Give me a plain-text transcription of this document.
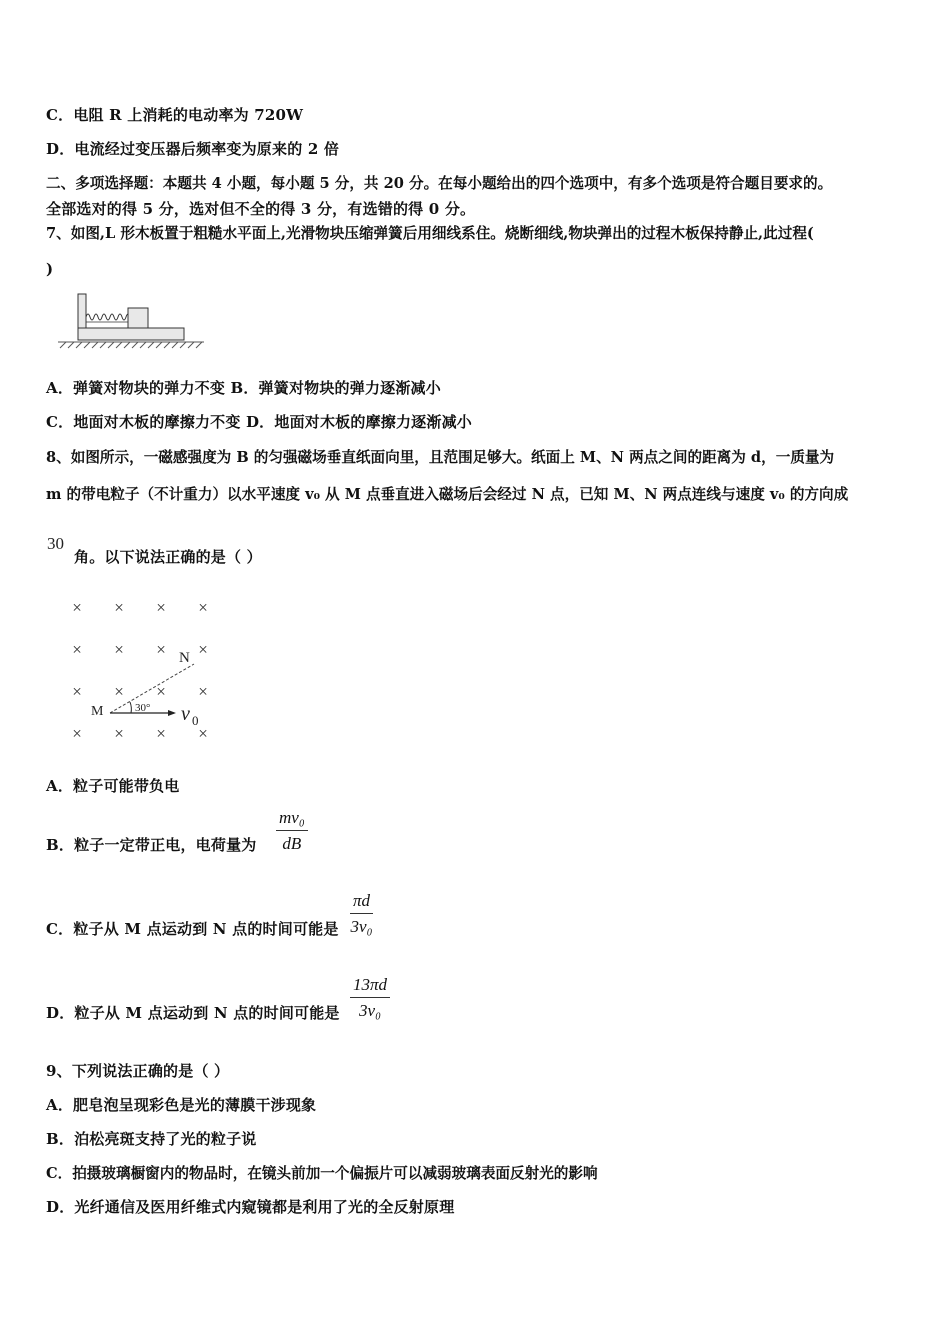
C．电阻 R 上消耗的电动率为 720W
D．电流经过变压器后频率变为原来的 2 倍
二、多项选择题：本题共 4 小题，每小题 5 分，共 20 分。在每小题给出的四个选项中，有多个选项是符合题目要求的。
全部选对的得 5 分，选对但不全的得 3 分，有选错的得 0 分。
7、如图,L 形木板置于粗糙水平面上,光滑物块压缩弹簧后用细线系住。烧断细线,物块弹出的过程木板保持静止,此过程(
)
A．弹簧对物块的弹力不变 B．弹簧对物块的弹力逐渐减小
C．地面对木板的摩擦力不变 D．地面对木板的摩擦力逐渐减小
8、如图所示，一磁感强度为 B 的匀强磁场垂直纸面向里，且范围足够大。纸面上 M、N 两点之间的距离为 d，一质量为
m 的带电粒子（不计重力）以水平速度 v₀ 从 M 点垂直进入磁场后会经过 N 点，已知 M、N 两点连线与速度 v₀ 的方向成
30
角。以下说法正确的是（ ）
× × × ×
× × × ×
× × × ×
× × × ×
N
M	30° v 0
A．粒子可能带负电
B．粒子一定带正电，电荷量为 $\frac{\text{mv₀}}{dB}$
C．粒子从 M 点运动到 N 点的时间可能是 $\frac{\pi d}{\text{3v₀}}$
D．粒子从 M 点运动到 N 点的时间可能是 $\frac{13\pi d}{\text{3v₀}}$
9、下列说法正确的是（ ）
A．肥皂泡呈现彩色是光的薄膜干涉现象
B．泊松亮斑支持了光的粒子说
C．拍摄玻璃橱窗内的物品时，在镜头前加一个偏振片可以减弱玻璃表面反射光的影响
D．光纤通信及医用纤维式内窥镜都是利用了光的全反射原理
